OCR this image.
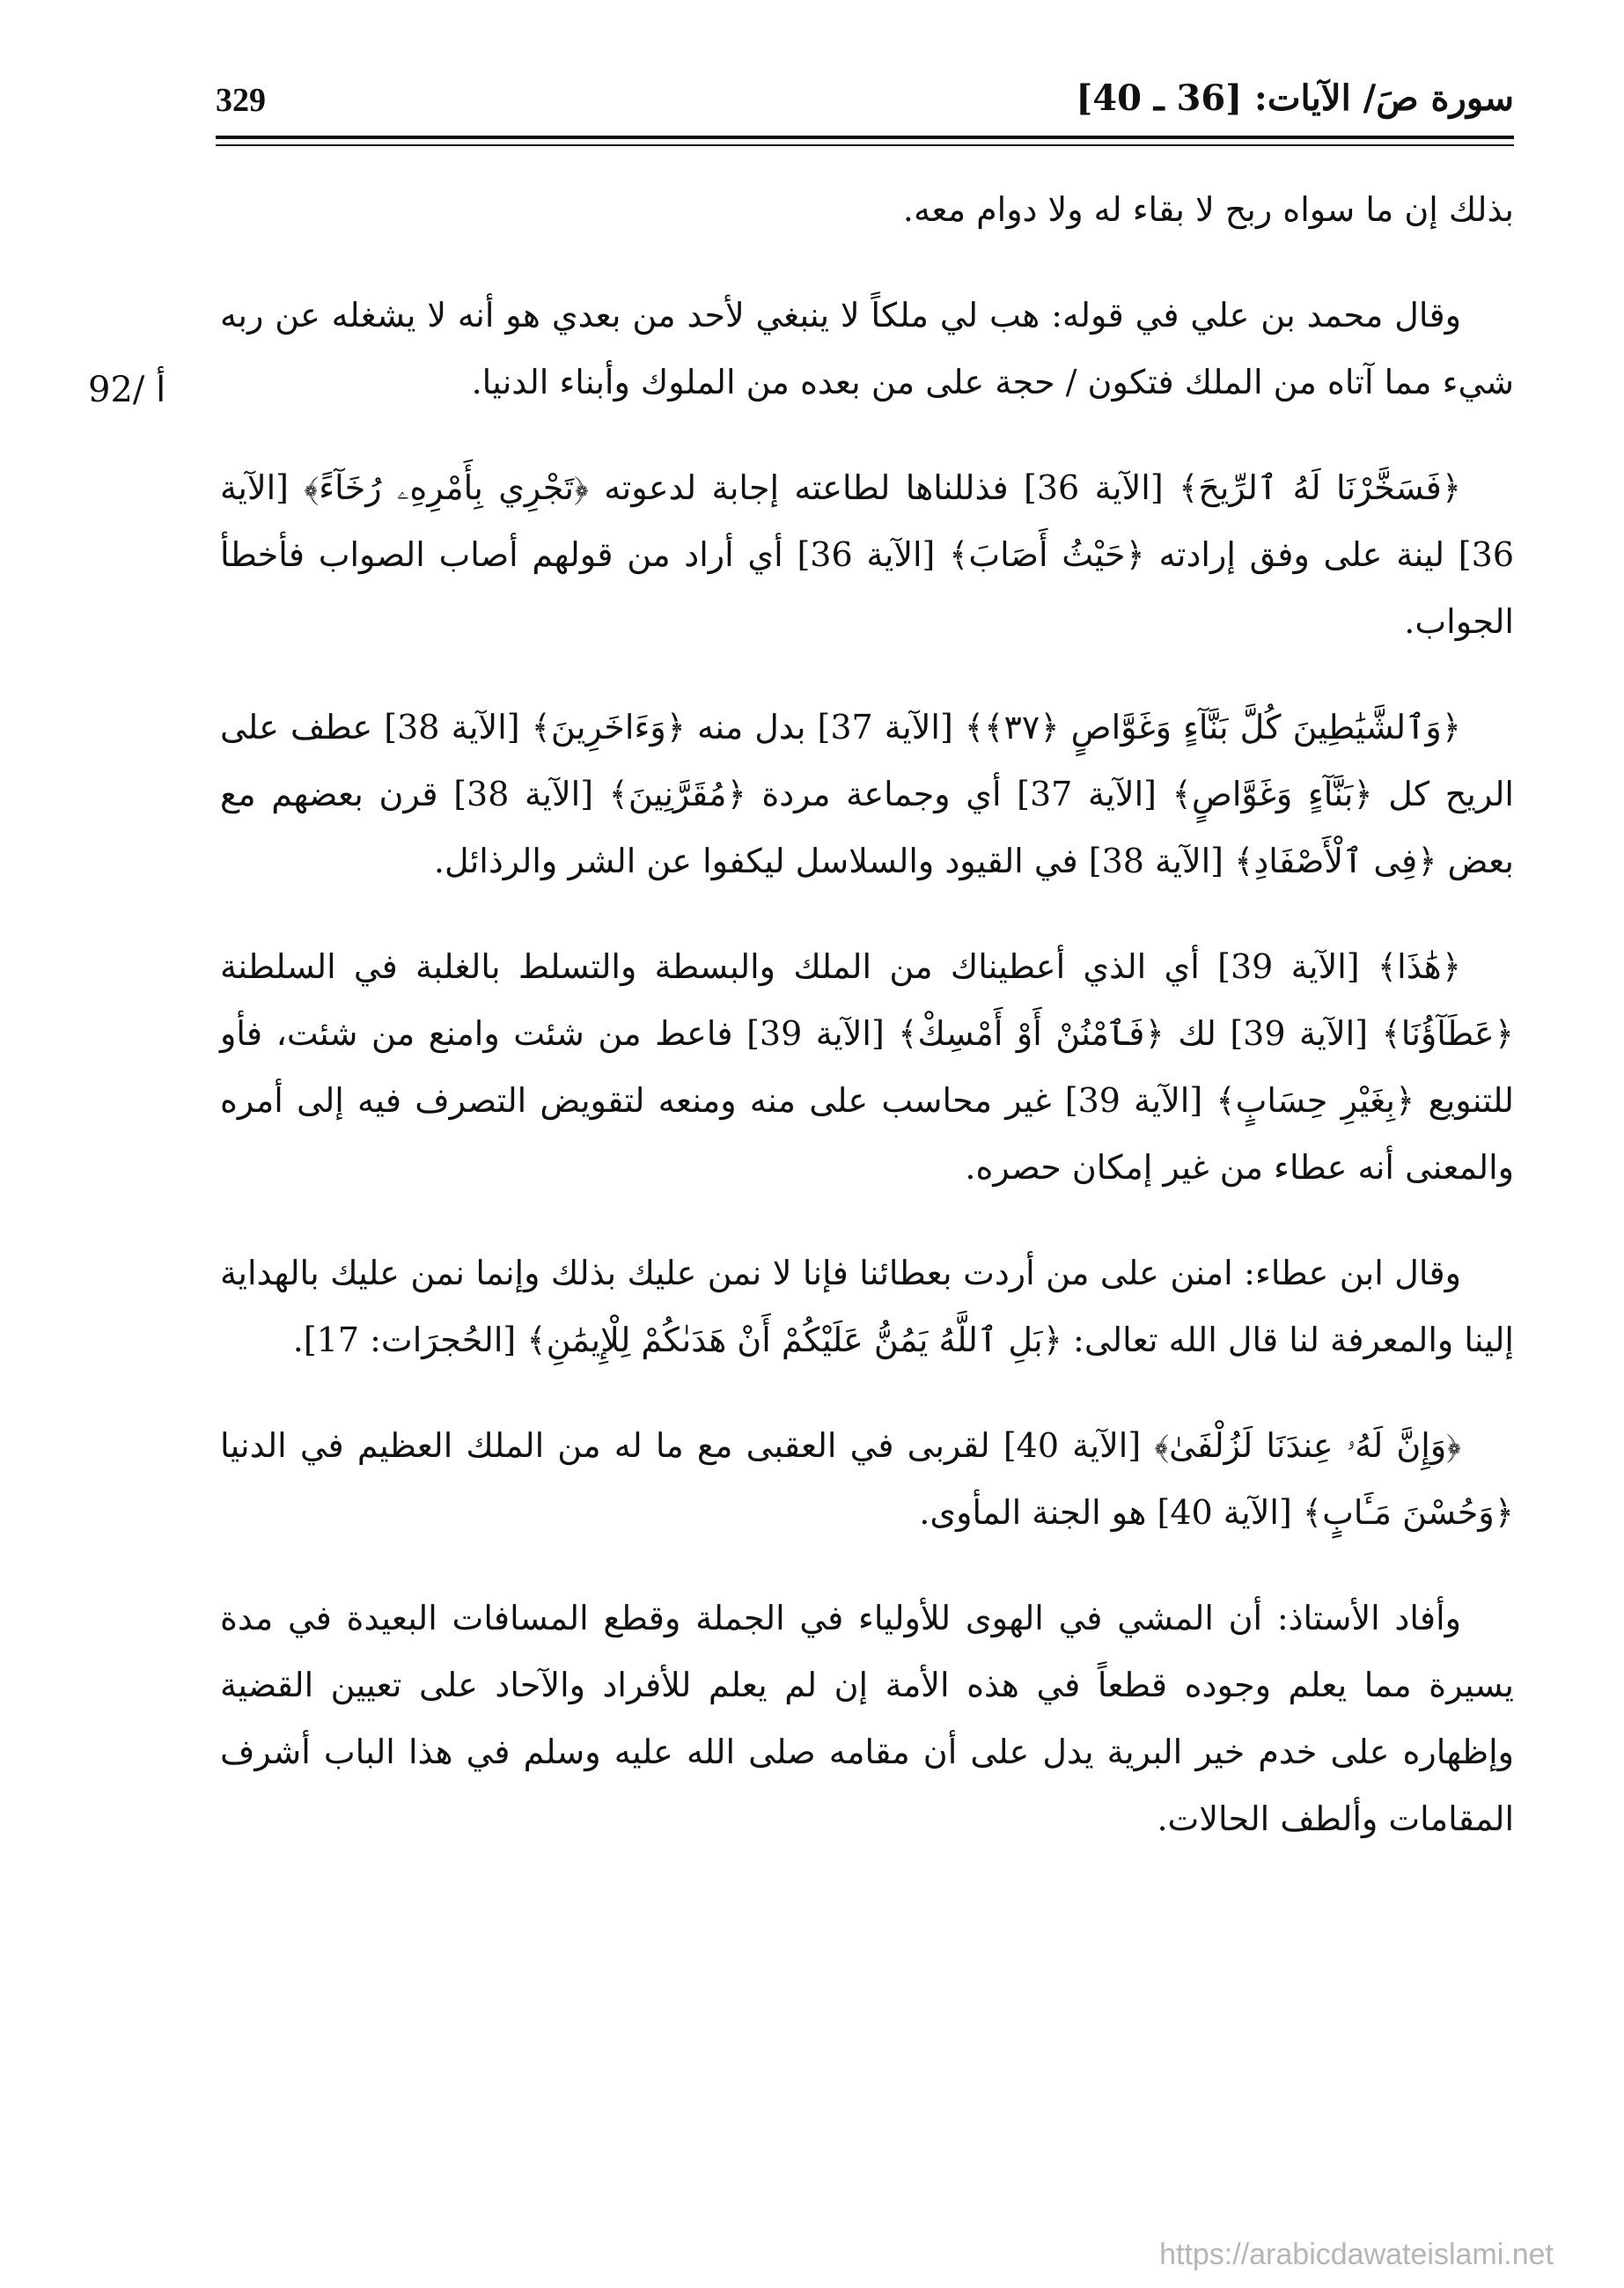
سورة صَ/ الآيات: [36 ـ 40]
329
92/ أ

بذلك إن ما سواه ربح لا بقاء له ولا دوام معه.

وقال محمد بن علي في قوله: هب لي ملكاً لا ينبغي لأحد من بعدي هو أنه لا يشغله عن ربه شيء مما آتاه من الملك فتكون / حجة على من بعده من الملوك وأبناء الدنيا.

﴿فَسَخَّرْنَا لَهُ ٱلرِّيحَ﴾ [الآية 36] فذللناها لطاعته إجابة لدعوته ﴿تَجْرِي بِأَمْرِهِۦ رُخَآءً﴾ [الآية 36] لينة على وفق إرادته ﴿حَيْثُ أَصَابَ﴾ [الآية 36] أي أراد من قولهم أصاب الصواب فأخطأ الجواب.

﴿وَٱلشَّيَٰطِينَ كُلَّ بَنَّآءٍ وَغَوَّاصٍ ﴿٣٧﴾﴾ [الآية 37] بدل منه ﴿وَءَاخَرِينَ﴾ [الآية 38] عطف على الريح كل ﴿بَنَّآءٍ وَغَوَّاصٍ﴾ [الآية 37] أي وجماعة مردة ﴿مُقَرَّنِينَ﴾ [الآية 38] قرن بعضهم مع بعض ﴿فِى ٱلْأَصْفَادِ﴾ [الآية 38] في القيود والسلاسل ليكفوا عن الشر والرذائل.

﴿هَٰذَا﴾ [الآية 39] أي الذي أعطيناك من الملك والبسطة والتسلط بالغلبة في السلطنة ﴿عَطَآؤُنَا﴾ [الآية 39] لك ﴿فَٱمْنُنْ أَوْ أَمْسِكْ﴾ [الآية 39] فاعط من شئت وامنع من شئت، فأو للتنويع ﴿بِغَيْرِ حِسَابٍ﴾ [الآية 39] غير محاسب على منه ومنعه لتقويض التصرف فيه إلى أمره والمعنى أنه عطاء من غير إمكان حصره.

وقال ابن عطاء: امنن على من أردت بعطائنا فإنا لا نمن عليك بذلك وإنما نمن عليك بالهداية إلينا والمعرفة لنا قال الله تعالى: ﴿بَلِ ٱللَّهُ يَمُنُّ عَلَيْكُمْ أَنْ هَدَىٰكُمْ لِلْإِيمَٰنِ﴾ [الحُجرَات: 17].

﴿وَإِنَّ لَهُۥ عِندَنَا لَزُلْفَىٰ﴾ [الآية 40] لقربى في العقبى مع ما له من الملك العظيم في الدنيا ﴿وَحُسْنَ مَـَٔابٍ﴾ [الآية 40] هو الجنة المأوى.

وأفاد الأستاذ: أن المشي في الهوى للأولياء في الجملة وقطع المسافات البعيدة في مدة يسيرة مما يعلم وجوده قطعاً في هذه الأمة إن لم يعلم للأفراد والآحاد على تعيين القضية وإظهاره على خدم خير البرية يدل على أن مقامه صلى الله عليه وسلم في هذا الباب أشرف المقامات وألطف الحالات.

https://arabicdawateislami.net
